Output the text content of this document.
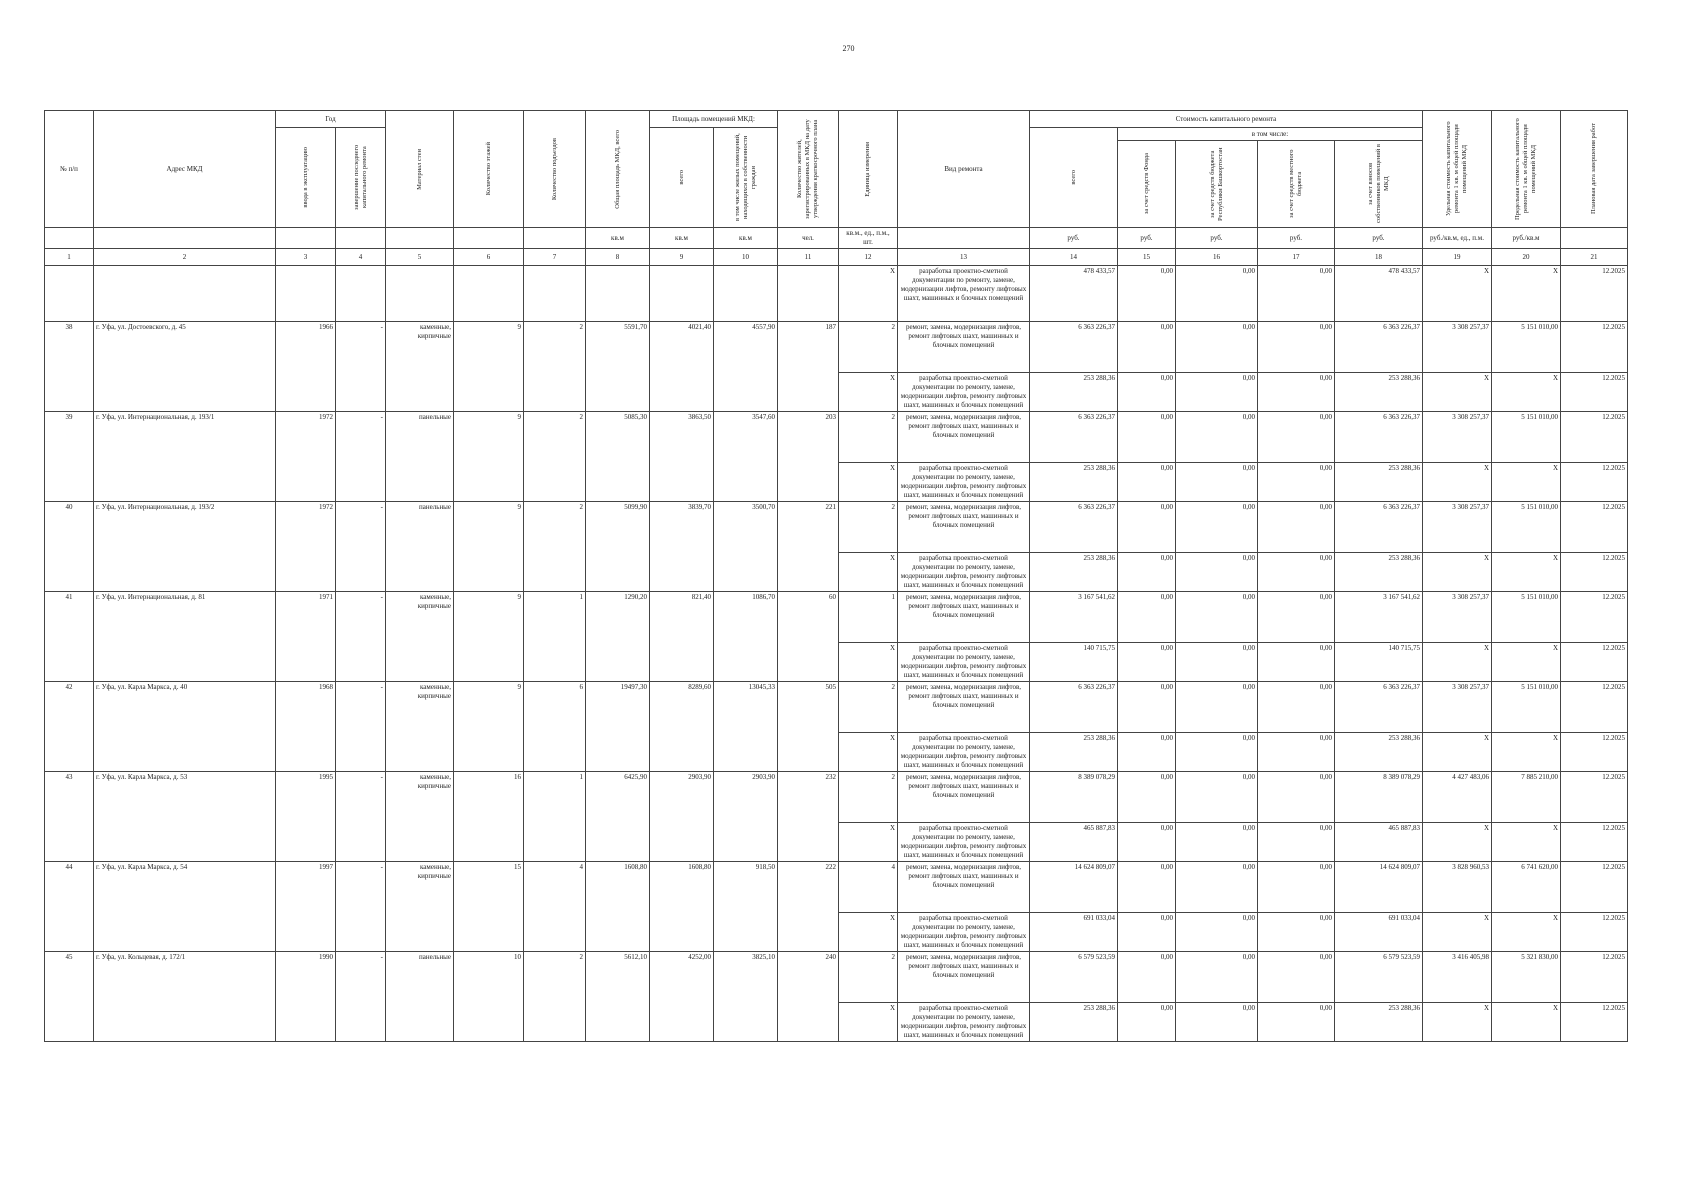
270
№ п/п	Адрес МКД	Год		Материал стен	Количество этажей	Количество подъездов	Общая площадь МКД, всего	Площадь помещений МКД:		Количество жителей, зарегистрированных в МКД на дату утверждения краткосрочного плана	Единица измерения	Вид ремонта	Стоимость капитального ремонта					Удельная стоимость капитального ремонта 1 кв. м общей площади помещений МКД	Предельная стоимость капитального ремонта 1 кв. м общей площади помещений МКД	Плановая дата завершения работ

		ввода в эксплуатацию	завершение последнего капитального ремонта					всего	в том числе жилых помещений, находящихся в собственности граждан				всего	в том числе:						

														за счет средств Фонда	за счет средств бюджета Республики Башкортостан	за счет средств местного бюджета	за счет взносов собственников помещений в МКД			

							кв.м	кв.м	кв.м	чел.	кв.м., ед., п.м., шт.		руб.	руб.	руб.	руб.	руб.	руб./кв.м, ед., п.м.	руб./кв.м	
1	2	3	4	5	6	7	8	9	10	11	12	13	14	15	16	17	18	19	20	21
											X	разработка проектно-сметной документации по ремонту, замене, модернизации лифтов, ремонту лифтовых шахт, машинных и блочных помещений	478 433,57	0,00	0,00	0,00	478 433,57	X	X	12.2025
38	г. Уфа, ул. Достоевского, д. 45	1966	-	каменные, кирпичные	9	2	5591,70	4021,40	4557,90	187	2	ремонт, замена, модернизация лифтов, ремонт лифтовых шахт, машинных и блочных помещений	6 363 226,37	0,00	0,00	0,00	6 363 226,37	3 308 257,37	5 151 010,00	12.2025
											X	разработка проектно-сметной документации по ремонту, замене, модернизации лифтов, ремонту лифтовых шахт, машинных и блочных помещений	253 288,36	0,00	0,00	0,00	253 288,36	X	X	12.2025
39	г. Уфа, ул. Интернациональная, д. 193/1	1972	-	панельные	9	2	5085,30	3863,50	3547,60	203	2	ремонт, замена, модернизация лифтов, ремонт лифтовых шахт, машинных и блочных помещений	6 363 226,37	0,00	0,00	0,00	6 363 226,37	3 308 257,37	5 151 010,00	12.2025
											X	разработка проектно-сметной документации по ремонту, замене, модернизации лифтов, ремонту лифтовых шахт, машинных и блочных помещений	253 288,36	0,00	0,00	0,00	253 288,36	X	X	12.2025
40	г. Уфа, ул. Интернациональная, д. 193/2	1972	-	панельные	9	2	5099,90	3839,70	3500,70	221	2	ремонт, замена, модернизация лифтов, ремонт лифтовых шахт, машинных и блочных помещений	6 363 226,37	0,00	0,00	0,00	6 363 226,37	3 308 257,37	5 151 010,00	12.2025
											X	разработка проектно-сметной документации по ремонту, замене, модернизации лифтов, ремонту лифтовых шахт, машинных и блочных помещений	253 288,36	0,00	0,00	0,00	253 288,36	X	X	12.2025
41	г. Уфа, ул. Интернациональная, д. 81	1971	-	каменные, кирпичные	9	1	1290,20	821,40	1086,70	60	1	ремонт, замена, модернизация лифтов, ремонт лифтовых шахт, машинных и блочных помещений	3 167 541,62	0,00	0,00	0,00	3 167 541,62	3 308 257,37	5 151 010,00	12.2025
											X	разработка проектно-сметной документации по ремонту, замене, модернизации лифтов, ремонту лифтовых шахт, машинных и блочных помещений	140 715,75	0,00	0,00	0,00	140 715,75	X	X	12.2025
42	г. Уфа, ул. Карла Маркса, д. 40	1968	-	каменные, кирпичные	9	6	19497,30	8289,60	13045,33	505	2	ремонт, замена, модернизация лифтов, ремонт лифтовых шахт, машинных и блочных помещений	6 363 226,37	0,00	0,00	0,00	6 363 226,37	3 308 257,37	5 151 010,00	12.2025
											X	разработка проектно-сметной документации по ремонту, замене, модернизации лифтов, ремонту лифтовых шахт, машинных и блочных помещений	253 288,36	0,00	0,00	0,00	253 288,36	X	X	12.2025
43	г. Уфа, ул. Карла Маркса, д. 53	1995	-	каменные, кирпичные	16	1	6425,90	2903,90	2903,90	232	2	ремонт, замена, модернизация лифтов, ремонт лифтовых шахт, машинных и блочных помещений	8 389 078,29	0,00	0,00	0,00	8 389 078,29	4 427 483,06	7 885 210,00	12.2025
											X	разработка проектно-сметной документации по ремонту, замене, модернизации лифтов, ремонту лифтовых шахт, машинных и блочных помещений	465 887,83	0,00	0,00	0,00	465 887,83	X	X	12.2025
44	г. Уфа, ул. Карла Маркса, д. 54	1997	-	каменные, кирпичные	15	4	1608,80	1608,80	918,50	222	4	ремонт, замена, модернизация лифтов, ремонт лифтовых шахт, машинных и блочных помещений	14 624 809,07	0,00	0,00	0,00	14 624 809,07	3 828 960,53	6 741 620,00	12.2025
											X	разработка проектно-сметной документации по ремонту, замене, модернизации лифтов, ремонту лифтовых шахт, машинных и блочных помещений	691 033,04	0,00	0,00	0,00	691 033,04	X	X	12.2025
45	г. Уфа, ул. Кольцевая, д. 172/1	1990	-	панельные	10	2	5612,10	4252,00	3825,10	240	2	ремонт, замена, модернизация лифтов, ремонт лифтовых шахт, машинных и блочных помещений	6 579 523,59	0,00	0,00	0,00	6 579 523,59	3 416 405,98	5 321 830,00	12.2025
											X	разработка проектно-сметной документации по ремонту, замене, модернизации лифтов, ремонту лифтовых шахт, машинных и блочных помещений	253 288,36	0,00	0,00	0,00	253 288,36	X	X	12.2025
